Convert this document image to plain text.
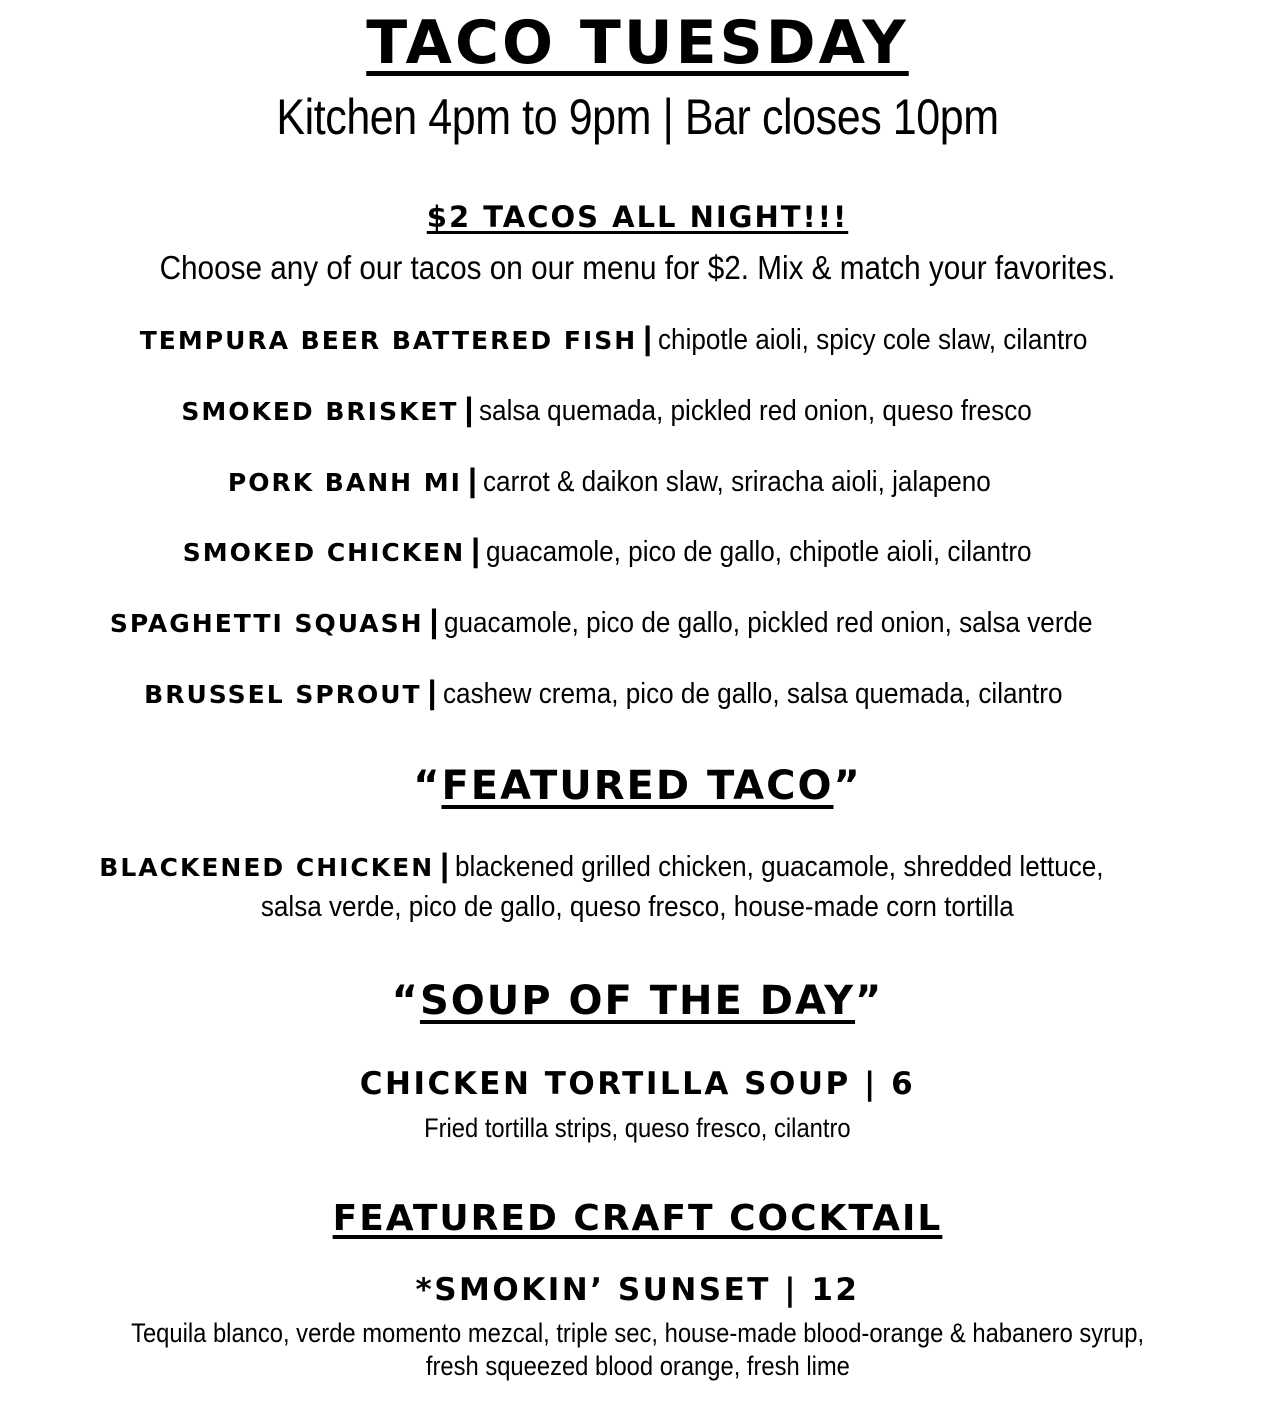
TACO TUESDAY
Kitchen 4pm to 9pm | Bar closes 10pm
$2 TACOS ALL NIGHT!!!
Choose any of our tacos on our menu for $2. Mix & match your favorites.
TEMPURA BEER BATTERED FISH | chipotle aioli, spicy cole slaw, cilantro
SMOKED BRISKET | salsa quemada, pickled red onion, queso fresco
PORK BANH MI | carrot & daikon slaw, sriracha aioli, jalapeno
SMOKED CHICKEN | guacamole, pico de gallo, chipotle aioli, cilantro
SPAGHETTI SQUASH | guacamole, pico de gallo, pickled red onion, salsa verde
BRUSSEL SPROUT | cashew crema, pico de gallo, salsa quemada, cilantro
“FEATURED TACO”
BLACKENED CHICKEN | blackened grilled chicken, guacamole, shredded lettuce,
salsa verde, pico de gallo, queso fresco, house-made corn tortilla
“SOUP OF THE DAY”
CHICKEN TORTILLA SOUP | 6
Fried tortilla strips, queso fresco, cilantro
FEATURED CRAFT COCKTAIL
*SMOKIN’ SUNSET | 12
Tequila blanco, verde momento mezcal, triple sec, house-made blood-orange & habanero syrup,
fresh squeezed blood orange, fresh lime
